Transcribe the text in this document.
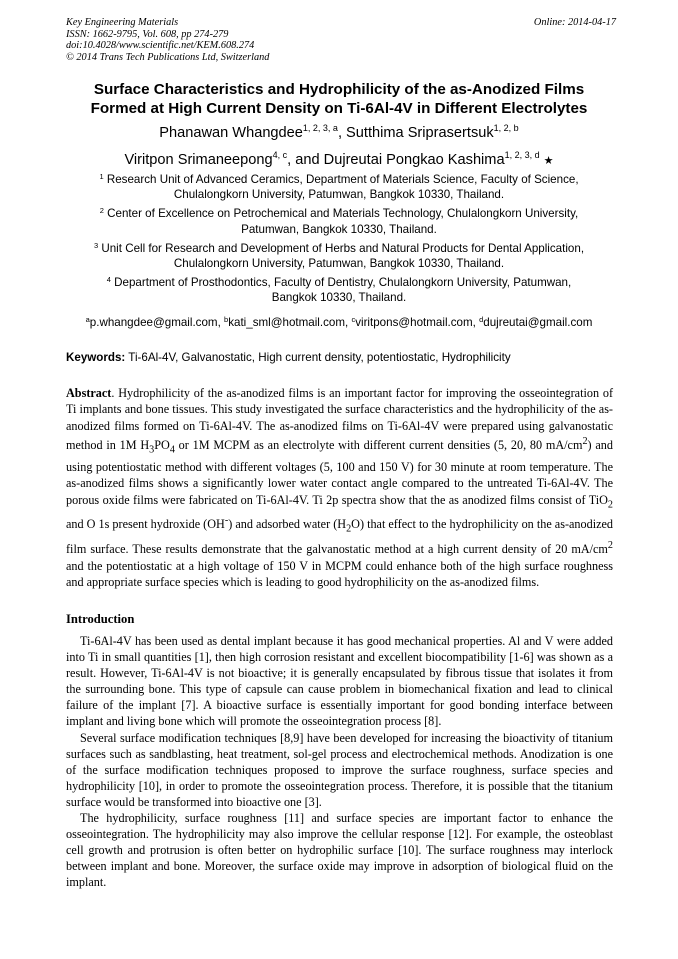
Key Engineering Materials
ISSN: 1662-9795, Vol. 608, pp 274-279
doi:10.4028/www.scientific.net/KEM.608.274
© 2014 Trans Tech Publications Ltd, Switzerland
Online: 2014-04-17
Surface Characteristics and Hydrophilicity of the as-Anodized Films
Formed at High Current Density on Ti-6Al-4V in Different Electrolytes
Phanawan Whangdee$^{1, 2, 3, a}$, Sutthima Sriprasertsuk$^{1, 2, b}$
Viritpon Srimaneepong$^{4, c}$, and Dujreutai Pongkao Kashima$^{1, 2, 3, d}$ ★
$^1$ Research Unit of Advanced Ceramics, Department of Materials Science, Faculty of Science,
Chulalongkorn University, Patumwan, Bangkok 10330, Thailand.
$^2$ Center of Excellence on Petrochemical and Materials Technology, Chulalongkorn University,
Patumwan, Bangkok 10330, Thailand.
$^3$ Unit Cell for Research and Development of Herbs and Natural Products for Dental Application,
Chulalongkorn University, Patumwan, Bangkok 10330, Thailand.
$^4$ Department of Prosthodontics, Faculty of Dentistry, Chulalongkorn University, Patumwan,
Bangkok 10330, Thailand.
$^a$p.whangdee@gmail.com, $^b$kati_sml@hotmail.com, $^c$viritpons@hotmail.com, $^d$dujreutai@gmail.com
Keywords: Ti-6Al-4V, Galvanostatic, High current density, potentiostatic, Hydrophilicity
Abstract. Hydrophilicity of the as-anodized films is an important factor for improving the osseointegration of Ti implants and bone tissues. This study investigated the surface characteristics and the hydrophilicity of the as-anodized films formed on Ti-6Al-4V. The as-anodized films on Ti-6Al-4V were prepared using galvanostatic method in 1M $H_3PO_4$ or 1M MCPM as an electrolyte with different current densities (5, 20, 80 $mA/cm^2$) and using potentiostatic method with different voltages (5, 100 and 150 V) for 30 minute at room temperature. The as-anodized films shows a significantly lower water contact angle compared to the untreated Ti-6Al-4V. The porous oxide films were fabricated on Ti-6Al-4V. Ti 2p spectra show that the as anodized films consist of TiO$_2$ and O 1s present hydroxide (OH-) and adsorbed water $(H_2O)$ that effect to the hydrophilicity on the as-anodized film surface. These results demonstrate that the galvanostatic method at a high current density of 20 $mA/cm^2$ and the potentiostatic at a high voltage of 150 V in MCPM could enhance both of the high surface roughness and appropriate surface species which is leading to good hydrophilicity on the as-anodized films.
Introduction

Ti-6Al-4V has been used as dental implant because it has good mechanical properties. Al and V were added into Ti in small quantities [1], then high corrosion resistant and excellent biocompatibility [1-6] was shown as a result. However, Ti-6Al-4V is not bioactive; it is generally encapsulated by fibrous tissue that isolates it from the surrounding bone. This type of capsule can cause problem in biomechanical fixation and lead to clinical failure of the implant [7]. A bioactive surface is essentially important for good bonding interface between implant and living bone which will promote the osseointegration process [8].

Several surface modification techniques [8,9] have been developed for increasing the bioactivity of titanium surfaces such as sandblasting, heat treatment, sol-gel process and electrochemical methods. Anodization is one of the surface modification techniques proposed to improve the surface roughness, surface species and hydrophilicity [10], in order to promote the osseointegration process. Therefore, it is possible that the titanium surface would be transformed into bioactive one [3].

The hydrophilicity, surface roughness [11] and surface species are important factor to enhance the osseointegration. The hydrophilicity may also improve the cellular response [12]. For example, the osteoblast cell growth and protrusion is often better on hydrophilic surface [10]. The surface roughness may interlock between implant and bone. Moreover, the surface oxide may improve in adsorption of biological fluid on the implant.
